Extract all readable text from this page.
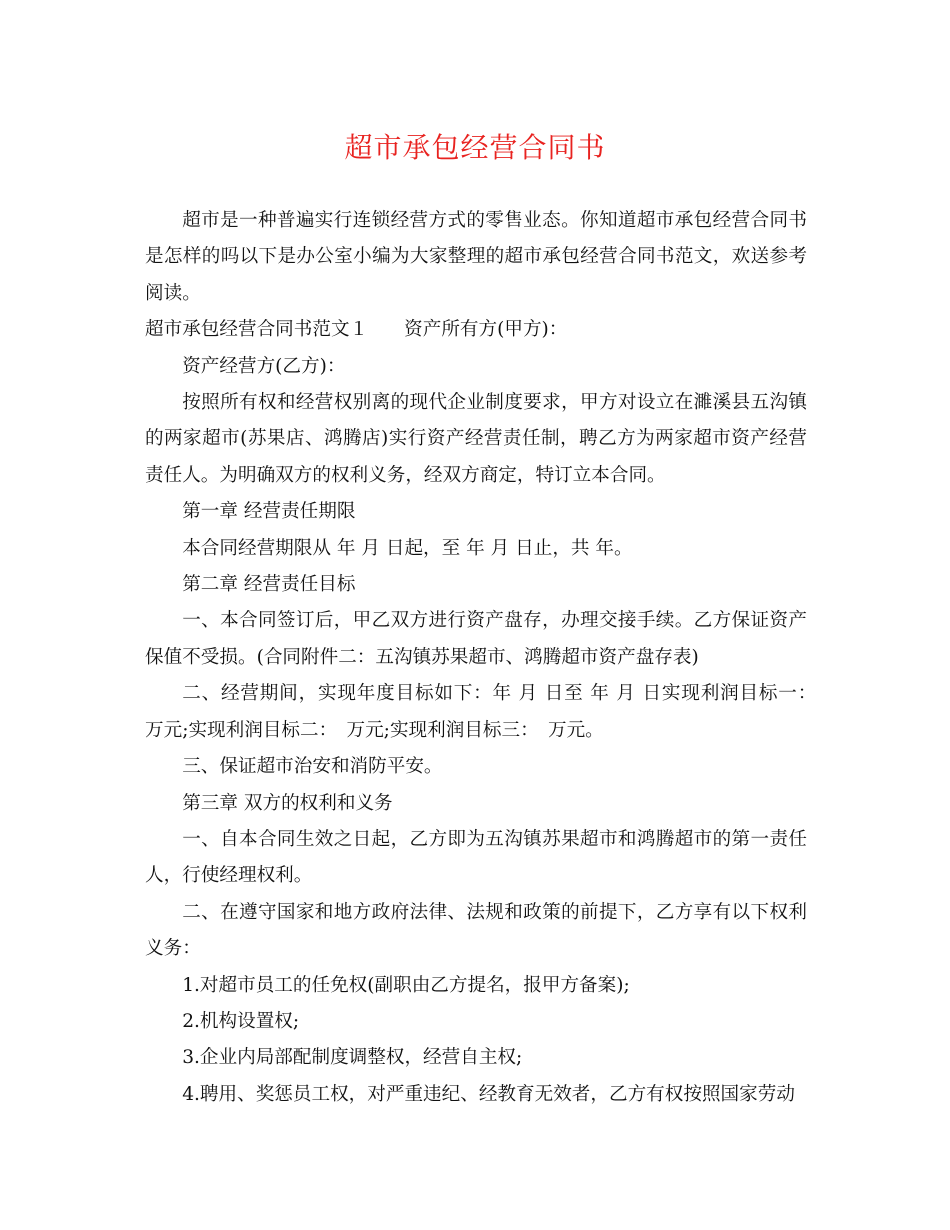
超市承包经营合同书

超市是一种普遍实行连锁经营方式的零售业态。你知道超市承包经营合同书是怎样的吗以下是办公室小编为大家整理的超市承包经营合同书范文，欢送参考阅读。

超市承包经营合同书范文１ 资产所有方(甲方)：

资产经营方(乙方)：

按照所有权和经营权别离的现代企业制度要求，甲方对设立在濉溪县五沟镇的两家超市(苏果店、鸿腾店)实行资产经营责任制，聘乙方为两家超市资产经营责任人。为明确双方的权利义务，经双方商定，特订立本合同。

第一章 经营责任期限

本合同经营期限从 年 月 日起，至 年 月 日止，共 年。

第二章 经营责任目标

一、本合同签订后，甲乙双方进行资产盘存，办理交接手续。乙方保证资产保值不受损。(合同附件二：五沟镇苏果超市、鸿腾超市资产盘存表)

二、经营期间，实现年度目标如下：年 月 日至 年 月 日实现利润目标一：　万元;实现利润目标二：　万元;实现利润目标三：　万元。

三、保证超市治安和消防平安。

第三章 双方的权利和义务

一、自本合同生效之日起，乙方即为五沟镇苏果超市和鸿腾超市的第一责任人，行使经理权利。

二、在遵守国家和地方政府法律、法规和政策的前提下，乙方享有以下权利义务：

1.对超市员工的任免权(副职由乙方提名，报甲方备案);

2.机构设置权;

3.企业内局部配制度调整权，经营自主权;

4.聘用、奖惩员工权，对严重违纪、经教育无效者，乙方有权按照国家劳动
